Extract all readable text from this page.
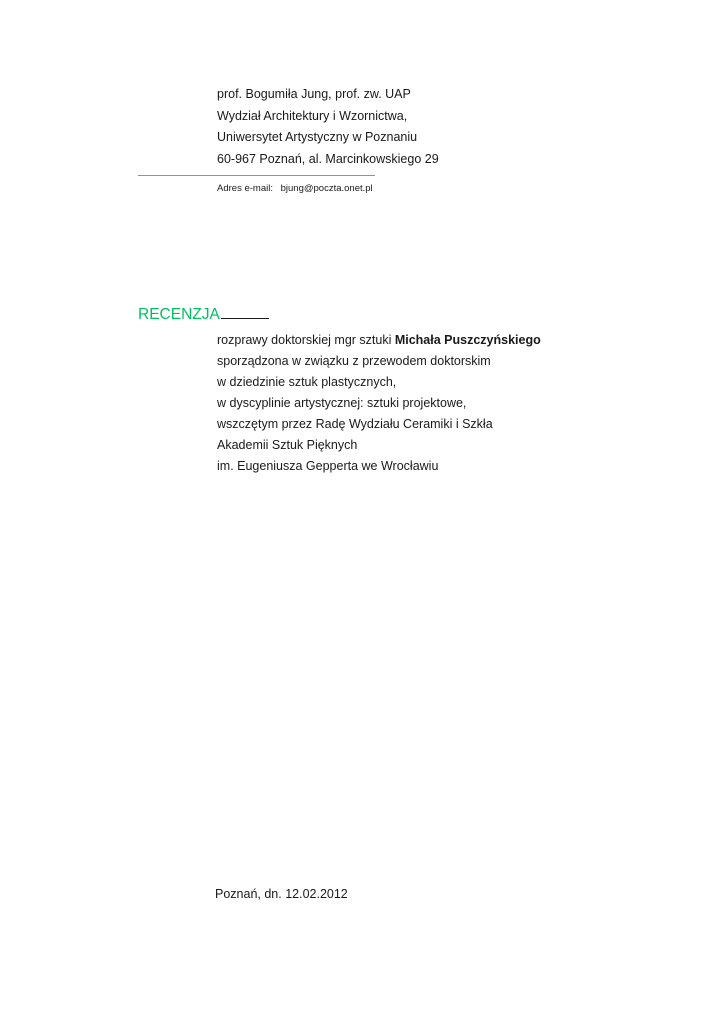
prof. Bogumiła Jung, prof. zw. UAP
Wydział Architektury i Wzornictwa,
Uniwersytet Artystyczny w Poznaniu
60-967 Poznań, al. Marcinkowskiego 29
Adres e-mail: bjung@poczta.onet.pl
RECENZJA
rozprawy doktorskiej mgr sztuki Michała Puszczyńskiego
sporządzona w związku z przewodem doktorskim
w dziedzinie sztuk plastycznych,
w dyscyplinie artystycznej: sztuki projektowe,
wszczętym przez Radę Wydziału Ceramiki i Szkła
Akademii Sztuk Pięknych
im. Eugeniusza Gepperta we Wrocławiu
Poznań, dn. 12.02.2012
